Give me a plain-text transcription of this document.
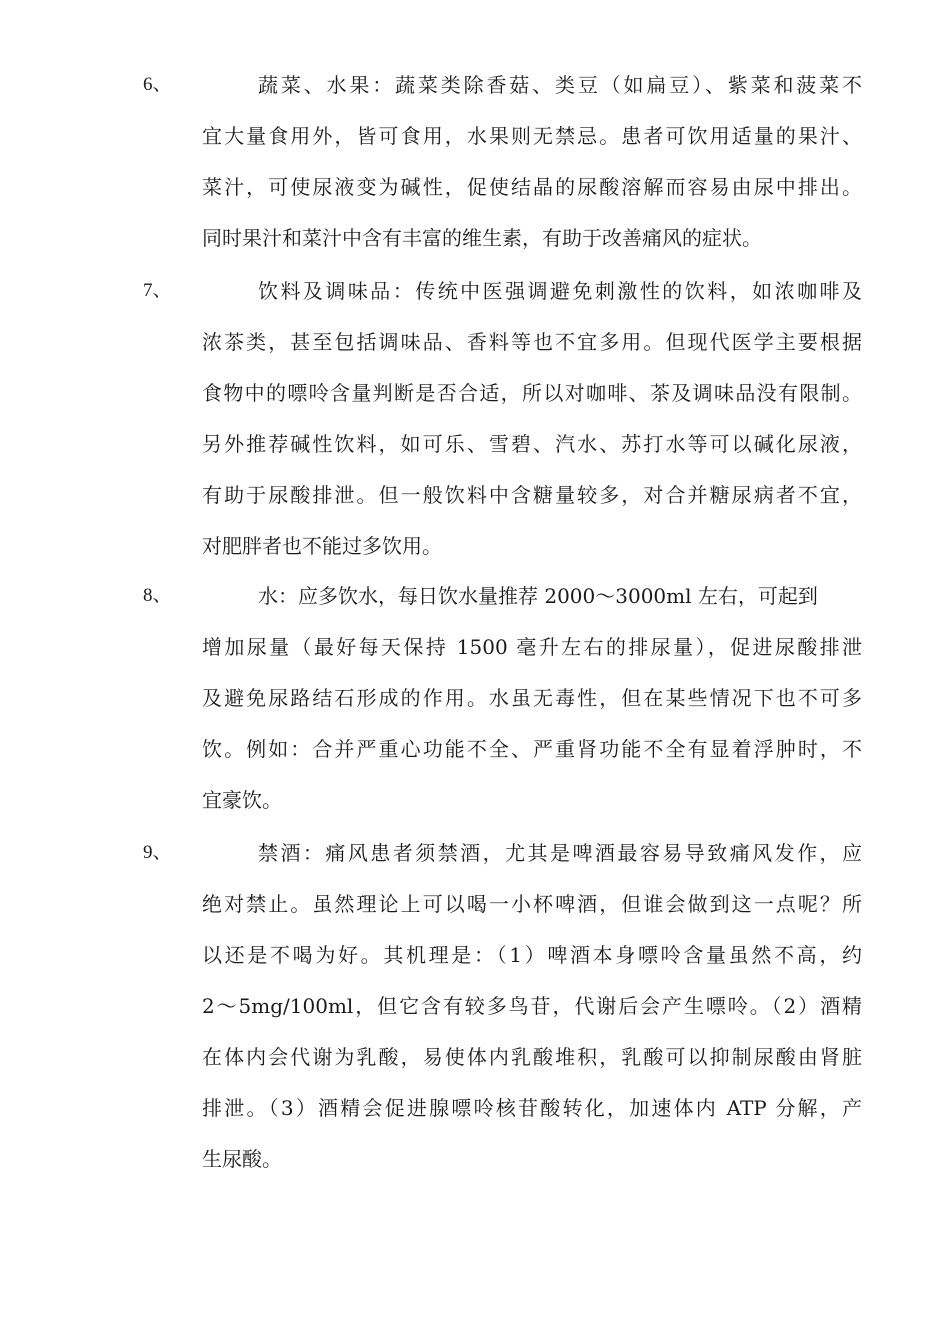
6、	蔬菜、水果：蔬菜类除香菇、类豆（如扁豆）、紫菜和菠菜不
宜大量食用外，皆可食用，水果则无禁忌。患者可饮用适量的果汁、
菜汁，可使尿液变为碱性，促使结晶的尿酸溶解而容易由尿中排出。
同时果汁和菜汁中含有丰富的维生素，有助于改善痛风的症状。
7、	饮料及调味品：传统中医强调避免刺激性的饮料，如浓咖啡及
浓茶类，甚至包括调味品、香料等也不宜多用。但现代医学主要根据
食物中的嘌呤含量判断是否合适，所以对咖啡、茶及调味品没有限制。
另外推荐碱性饮料，如可乐、雪碧、汽水、苏打水等可以碱化尿液，
有助于尿酸排泄。但一般饮料中含糖量较多，对合并糖尿病者不宜，
对肥胖者也不能过多饮用。
8、	水：应多饮水，每日饮水量推荐 2000～3000ml 左右，可起到
增加尿量（最好每天保持 1500 毫升左右的排尿量），促进尿酸排泄
及避免尿路结石形成的作用。水虽无毒性，但在某些情况下也不可多
饮。例如：合并严重心功能不全、严重肾功能不全有显着浮肿时，不
宜豪饮。
9、	禁酒：痛风患者须禁酒，尤其是啤酒最容易导致痛风发作，应
绝对禁止。虽然理论上可以喝一小杯啤酒，但谁会做到这一点呢？所
以还是不喝为好。其机理是：（1）啤酒本身嘌呤含量虽然不高，约
2～5mg/100ml，但它含有较多鸟苷，代谢后会产生嘌呤。（2）酒精
在体内会代谢为乳酸，易使体内乳酸堆积，乳酸可以抑制尿酸由肾脏
排泄。（3）酒精会促进腺嘌呤核苷酸转化，加速体内 ATP 分解，产
生尿酸。
